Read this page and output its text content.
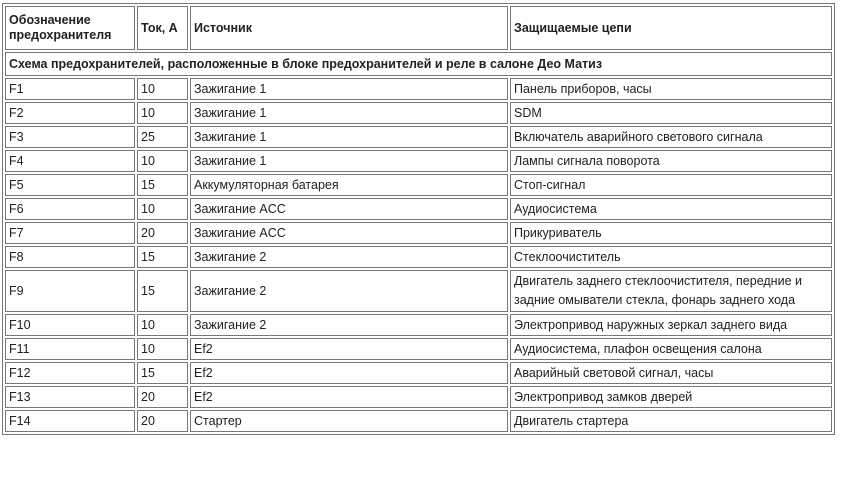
Обозначение предохранителя	Ток, А	Источник	Защищаемые цепи
Схема предохранителей, расположенные в блоке предохранителей и реле в салоне Део Матиз			
F1	10	Зажигание 1	Панель приборов, часы
F2	10	Зажигание 1	SDM
F3	25	Зажигание 1	Включатель аварийного светового сигнала
F4	10	Зажигание 1	Лампы сигнала поворота
F5	15	Аккумуляторная батарея	Стоп-сигнал
F6	10	Зажигание ACC	Аудиосистема
F7	20	Зажигание ACC	Прикуриватель
F8	15	Зажигание 2	Стеклоочиститель
F9	15	Зажигание 2	Двигатель заднего стеклоочистителя, передние и задние омыватели стекла, фонарь заднего хода
F10	10	Зажигание 2	Электропривод наружных зеркал заднего вида
F11	10	Ef2	Аудиосистема, плафон освещения салона
F12	15	Ef2	Аварийный световой сигнал, часы
F13	20	Ef2	Электропривод замков дверей
F14	20	Стартер	Двигатель стартера
